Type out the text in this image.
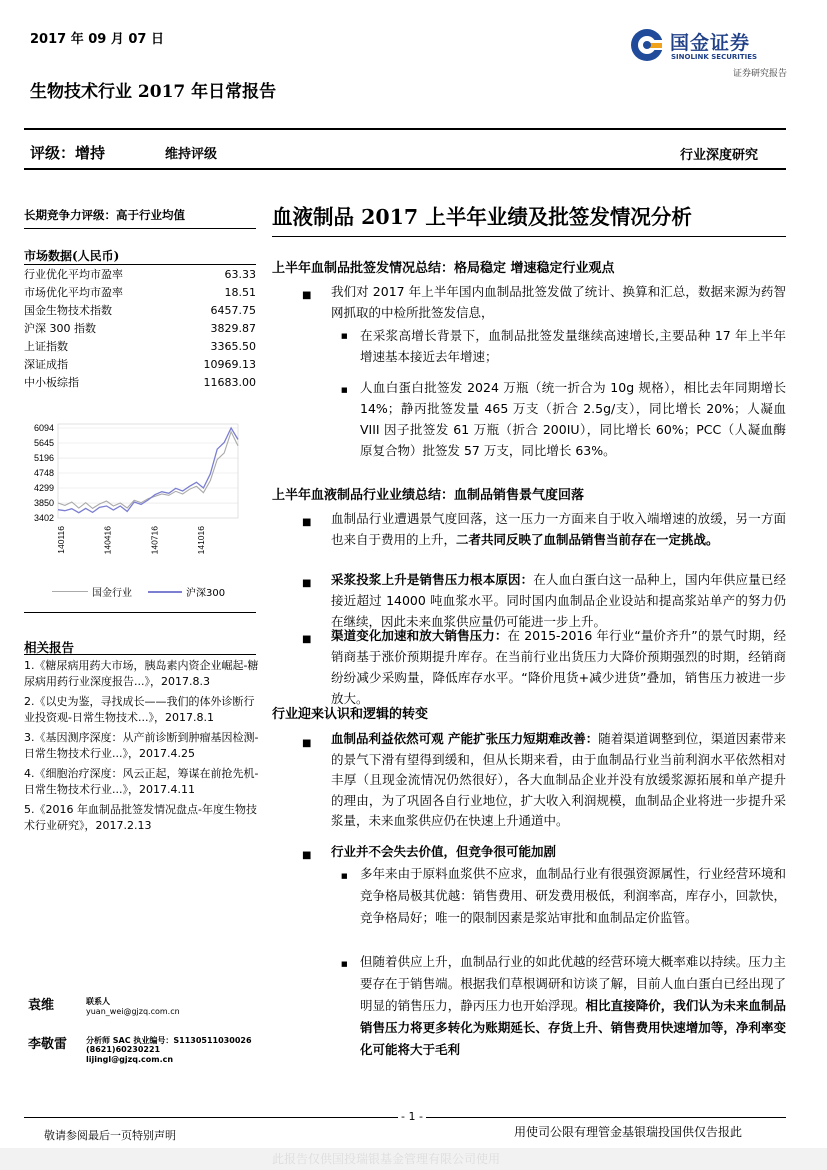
2017 年 09 月 07 日
生物技术行业 2017 年日常报告
国金证券
SINOLINK SECURITIES
证券研究报告
评级：增持	维持评级	行业深度研究
长期竞争力评级：高于行业均值
市场数据(人民币)
行业优化平均市盈率	63.33
市场优化平均市盈率	18.51
国金生物技术指数	6457.75
沪深 300 指数	3829.87
上证指数	3365.50
深证成指	10969.13
中小板综指	11683.00
6094
5645
5196
4748
4299
3850
3402
140116	140416	140716	141016
国金行业	沪深300
相关报告
1.《糖尿病用药大市场，胰岛素内资企业崛起-糖尿病用药行业深度报告...》，2017.8.3
2.《以史为鉴，寻找成长——我们的体外诊断行业投资观-日常生物技术...》，2017.8.1
3.《基因测序深度：从产前诊断到肿瘤基因检测-日常生物技术行业...》，2017.4.25
4.《细胞治疗深度：风云正起，筹谋在前抢先机-日常生物技术行业...》，2017.4.11
5.《2016 年血制品批签发情况盘点-年度生物技术行业研究》，2017.2.13
袁维	联系人
yuan_wei@gjzq.com.cn
李敬雷 分析师 SAC 执业编号：S1130511030026
(8621)60230221
lijingl@gjzq.com.cn
血液制品 2017 上半年业绩及批签发情况分析
上半年血制品批签发情况总结：格局稳定 增速稳定行业观点
■ 我们对 2017 年上半年国内血制品批签发做了统计、换算和汇总，数据来源为药智网抓取的中检所批签发信息，
■ 在采浆高增长背景下，血制品批签发量继续高速增长,主要品种 17 年上半年增速基本接近去年增速；
■ 人血白蛋白批签发 2024 万瓶（统一折合为 10g 规格），相比去年同期增长 14%；静丙批签发量 465 万支（折合 2.5g/支），同比增长 20%；人凝血 VIII 因子批签发 61 万瓶（折合 200IU），同比增长 60%；PCC（人凝血酶原复合物）批签发 57 万支，同比增长 63%。
上半年血液制品行业业绩总结：血制品销售景气度回落
■ 血制品行业遭遇景气度回落，这一压力一方面来自于收入端增速的放缓，另一方面也来自于费用的上升，二者共同反映了血制品销售当前存在一定挑战。
■ 采浆投浆上升是销售压力根本原因：在人血白蛋白这一品种上，国内年供应量已经接近超过 14000 吨血浆水平。同时国内血制品企业设站和提高浆站单产的努力仍在继续，因此未来血浆供应量仍可能进一步上升。
■ 渠道变化加速和放大销售压力：在 2015-2016 年行业“量价齐升”的景气时期，经销商基于涨价预期提升库存。在当前行业出货压力大降价预期强烈的时期，经销商纷纷减少采购量，降低库存水平。“降价甩货+减少进货”叠加，销售压力被进一步放大。
行业迎来认识和逻辑的转变
■ 血制品利益依然可观 产能扩张压力短期难改善：随着渠道调整到位，渠道因素带来的景气下滑有望得到缓和，但从长期来看，由于血制品行业当前利润水平依然相对丰厚（且现金流情况仍然很好），各大血制品企业并没有放缓浆源拓展和单产提升的理由，为了巩固各自行业地位，扩大收入利润规模，血制品企业将进一步提升采浆量，未来血浆供应仍在快速上升通道中。
■ 行业并不会失去价值，但竞争很可能加剧
■ 多年来由于原料血浆供不应求，血制品行业有很强资源属性，行业经营环境和竞争格局极其优越：销售费用、研发费用极低，利润率高，库存小，回款快，竞争格局好；唯一的限制因素是浆站审批和血制品定价监管。
■ 但随着供应上升，血制品行业的如此优越的经营环境大概率难以持续。压力主要存在于销售端。根据我们草根调研和访谈了解，目前人血白蛋白已经出现了明显的销售压力，静丙压力也开始浮现。相比直接降价，我们认为未来血制品销售压力将更多转化为账期延长、存货上升、销售费用快速增加等，净利率变化可能将大于毛利
- 1 -
敬请参阅最后一页特别声明	用使司公限有理管金基银瑞投国供仅告报此
此报告仅供国投瑞银基金管理有限公司使用
